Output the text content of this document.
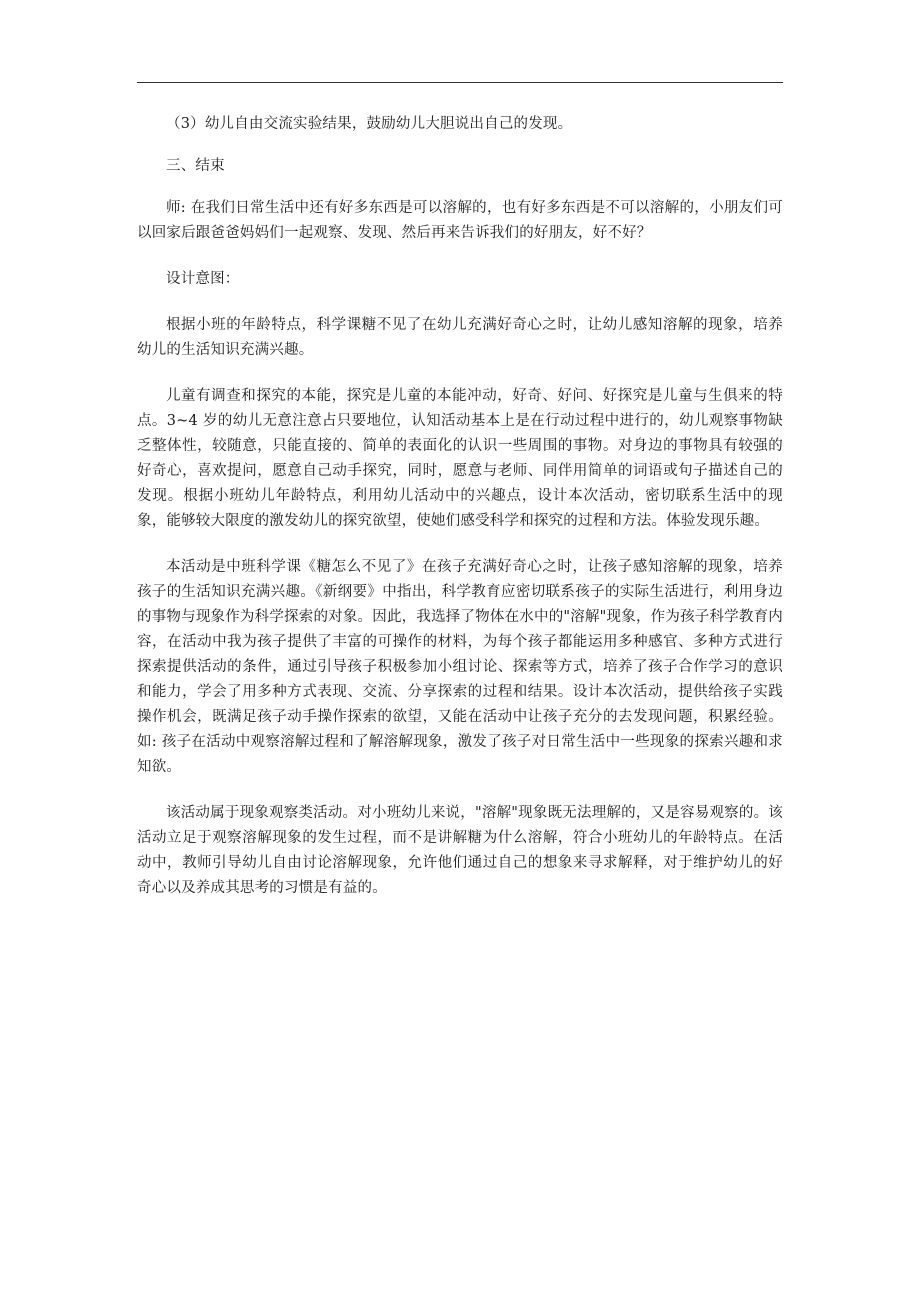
（3）幼儿自由交流实验结果，鼓励幼儿大胆说出自己的发现。

三、结束

师: 在我们日常生活中还有好多东西是可以溶解的，也有好多东西是不可以溶解的，小朋友们可以回家后跟爸爸妈妈们一起观察、发现、然后再来告诉我们的好朋友，好不好？

设计意图：

根据小班的年龄特点，科学课糖不见了在幼儿充满好奇心之时，让幼儿感知溶解的现象，培养幼儿的生活知识充满兴趣。

儿童有调查和探究的本能，探究是儿童的本能冲动，好奇、好问、好探究是儿童与生俱来的特点。3~4 岁的幼儿无意注意占只要地位，认知活动基本上是在行动过程中进行的，幼儿观察事物缺乏整体性，较随意，只能直接的、简单的表面化的认识一些周围的事物。对身边的事物具有较强的好奇心，喜欢提问，愿意自己动手探究，同时，愿意与老师、同伴用简单的词语或句子描述自己的发现。根据小班幼儿年龄特点，利用幼儿活动中的兴趣点，设计本次活动，密切联系生活中的现象，能够较大限度的激发幼儿的探究欲望，使她们感受科学和探究的过程和方法。体验发现乐趣。

本活动是中班科学课《糖怎么不见了》在孩子充满好奇心之时，让孩子感知溶解的现象，培养孩子的生活知识充满兴趣。《新纲要》中指出，科学教育应密切联系孩子的实际生活进行，利用身边的事物与现象作为科学探索的对象。因此，我选择了物体在水中的"溶解"现象，作为孩子科学教育内容，在活动中我为孩子提供了丰富的可操作的材料，为每个孩子都能运用多种感官、多种方式进行探索提供活动的条件，通过引导孩子积极参加小组讨论、探索等方式，培养了孩子合作学习的意识和能力，学会了用多种方式表现、交流、分享探索的过程和结果。设计本次活动，提供给孩子实践操作机会，既满足孩子动手操作探索的欲望，又能在活动中让孩子充分的去发现问题，积累经验。如: 孩子在活动中观察溶解过程和了解溶解现象，激发了孩子对日常生活中一些现象的探索兴趣和求知欲。

该活动属于现象观察类活动。对小班幼儿来说，"溶解"现象既无法理解的，又是容易观察的。该活动立足于观察溶解现象的发生过程，而不是讲解糖为什么溶解，符合小班幼儿的年龄特点。在活动中，教师引导幼儿自由讨论溶解现象，允许他们通过自己的想象来寻求解释，对于维护幼儿的好奇心以及养成其思考的习惯是有益的。
